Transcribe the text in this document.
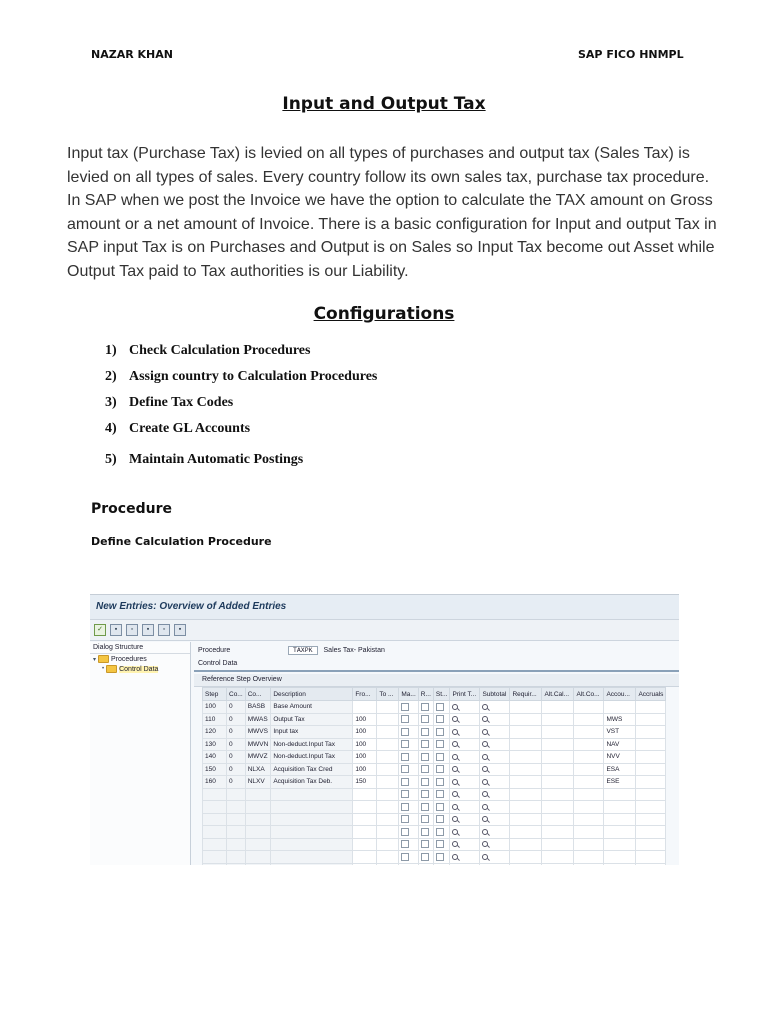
NAZAR KHAN	SAP FICO HNMPL
Input and Output Tax

Input tax (Purchase Tax) is levied on all types of purchases and output tax (Sales Tax) is levied on all types of sales. Every country follow its own sales tax, purchase tax procedure. In SAP when we post the Invoice we have the option to calculate the TAX amount on Gross amount or a net amount of Invoice. There is a basic configuration for Input and output Tax in SAP input Tax is on Purchases and Output is on Sales so Input Tax become out Asset while Output Tax paid to Tax authorities is our Liability.

Configurations
1) Check Calculation Procedures
2) Assign country to Calculation Procedures
3) Define Tax Codes
4) Create GL Accounts
5) Maintain Automatic Postings
Procedure
Define Calculation Procedure
New Entries: Overview of Added Entries
✓	▪	▫	▪	▫	▪
Dialog Structure
▾ Procedures
• Control Data
Procedure	TAXPK	Sales Tax- Pakistan
Control Data
Reference Step Overview
Step	Co...	Co...	Description	Fro...	To ...	Ma...	R...	St...	Print T...	Subtotal	Requir...	Alt.Cal...	Alt.Co...	Accou...	Accruals
100	0	BASB	Base Amount												
110	0	MWAS	Output Tax	100										MWS	
120	0	MWVS	Input tax	100										VST	
130	0	MWVN	Non-deduct.Input Tax	100										NAV	
140	0	MWVZ	Non-deduct.Input Tax	100										NVV	
150	0	NLXA	Acquisition Tax Cred	100										ESA	
160	0	NLXV	Acquisition Tax Deb.	150										ESE	
